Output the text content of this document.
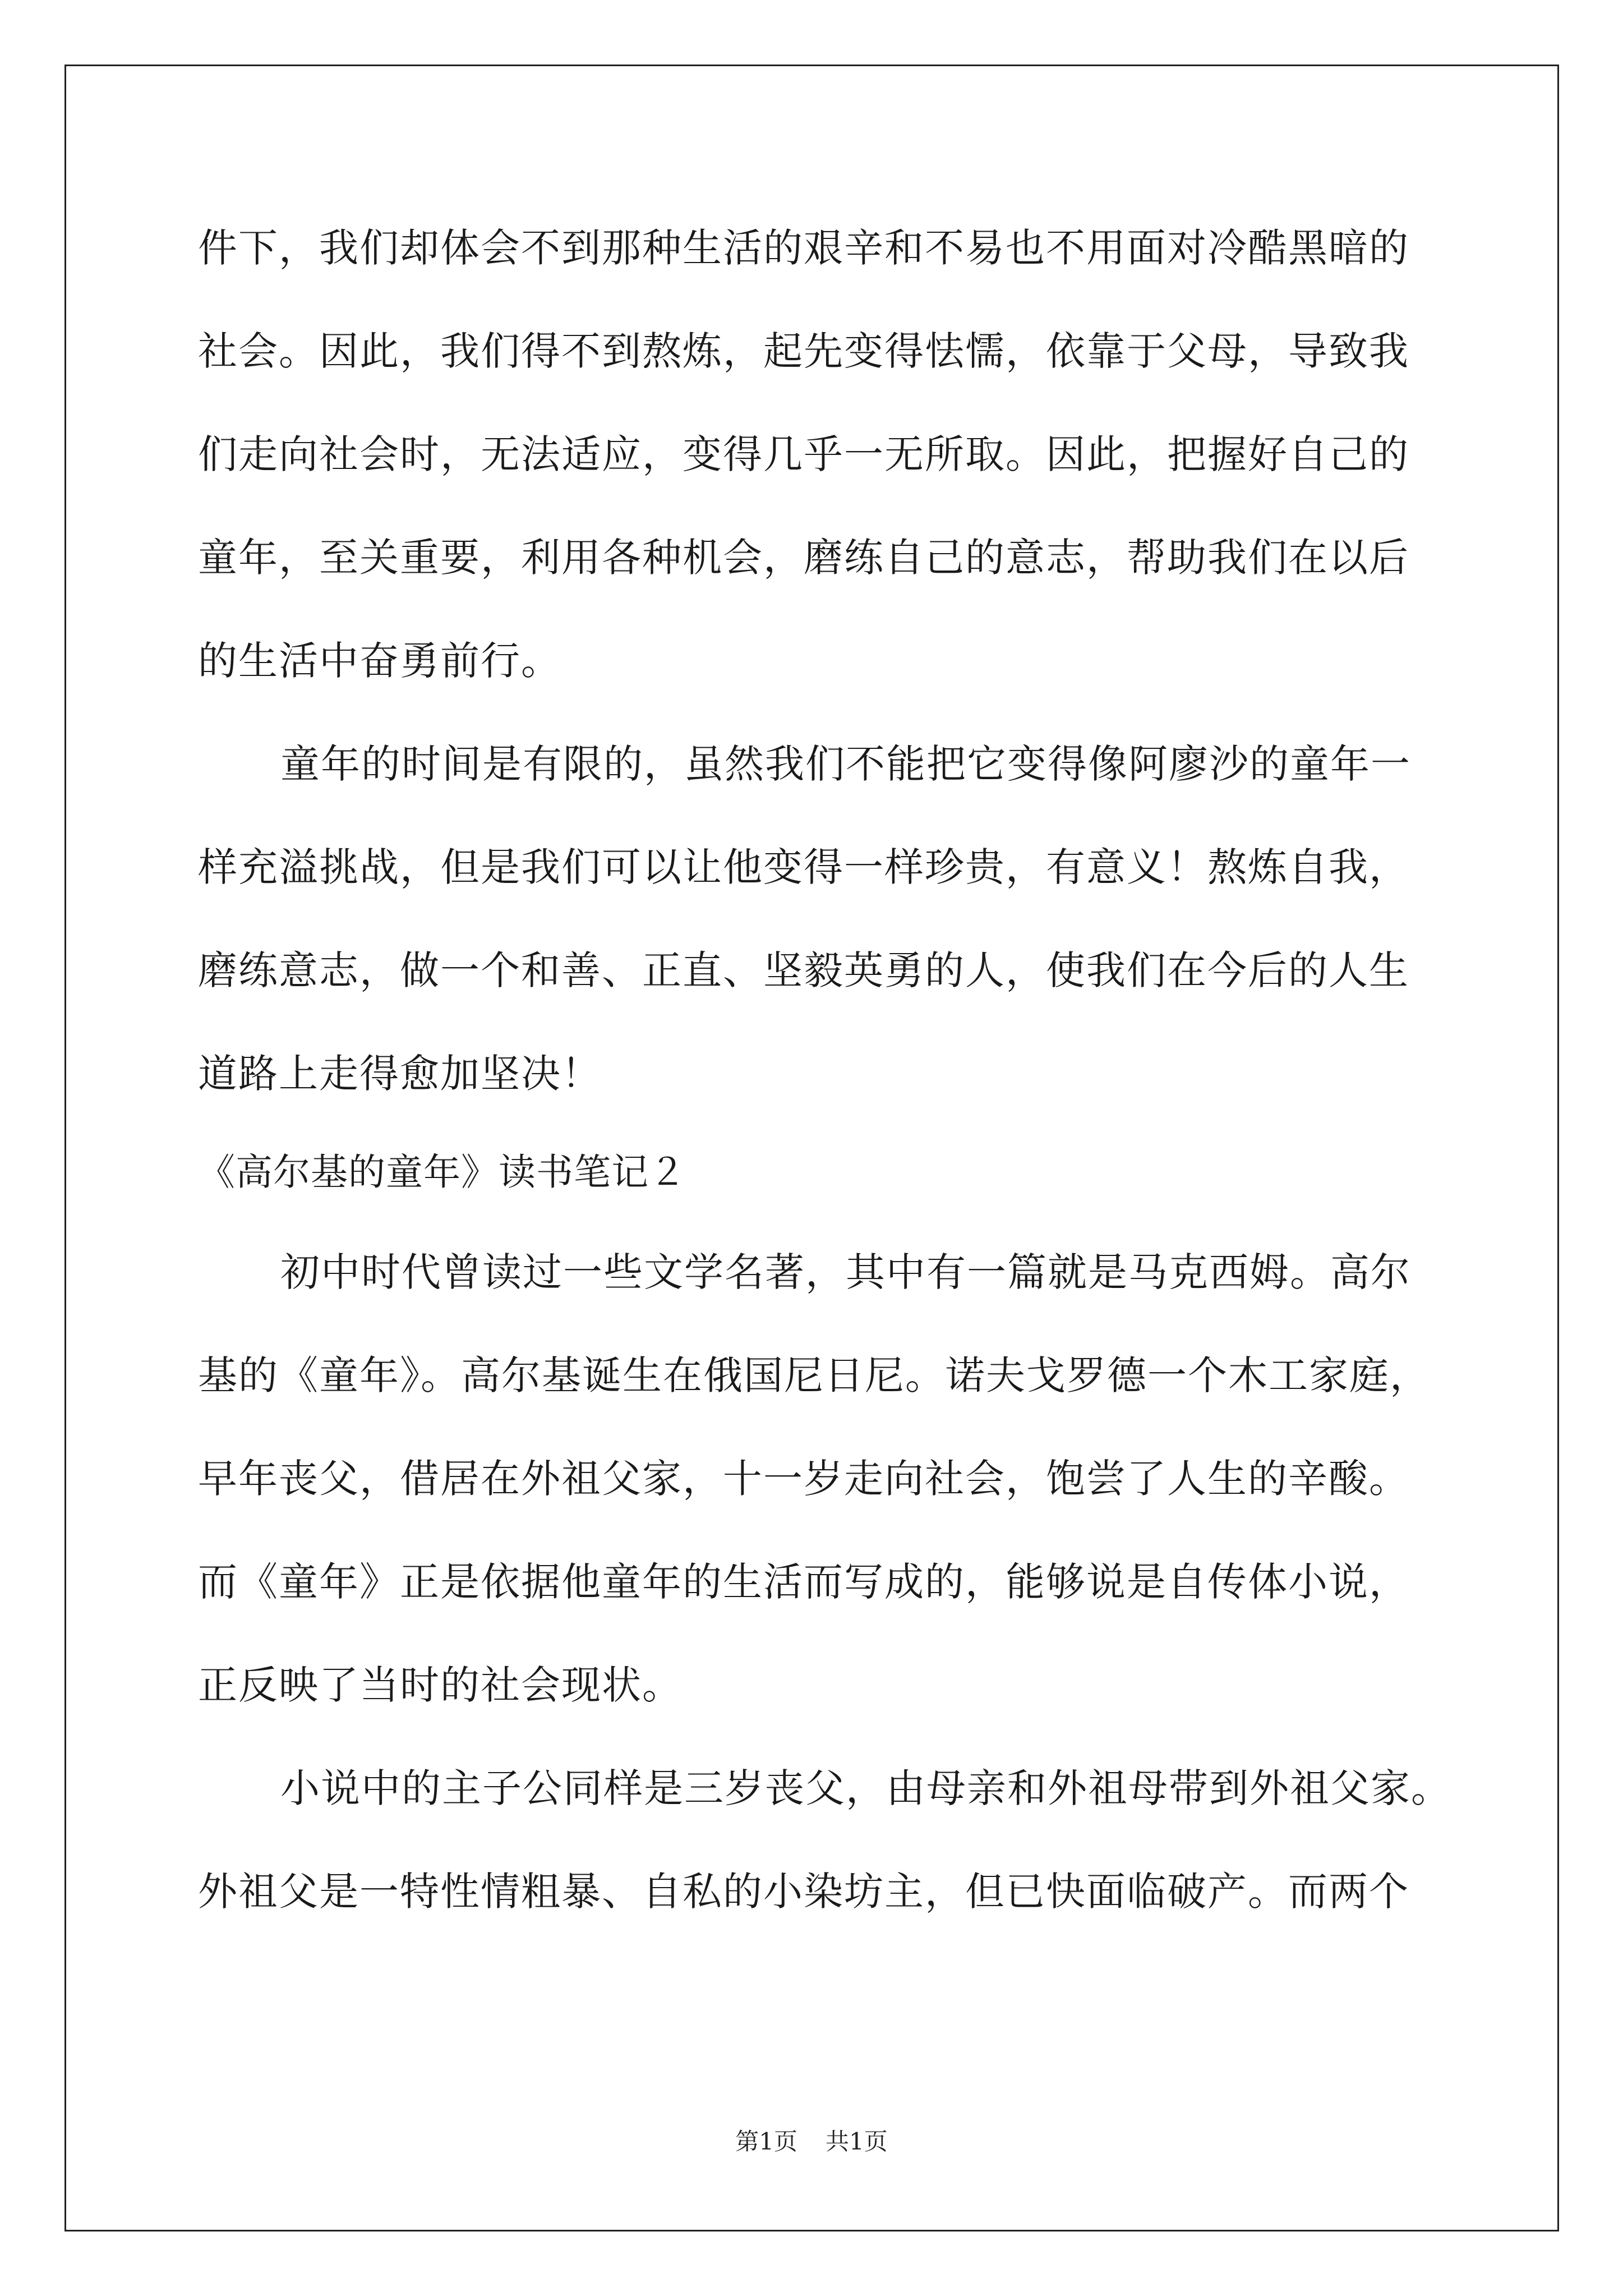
件下，我们却体会不到那种生活的艰辛和不易也不用面对冷酷黑暗的
社会。因此，我们得不到熬炼，起先变得怯懦，依靠于父母，导致我
们走向社会时，无法适应，变得几乎一无所取。因此，把握好自己的
童年，至关重要，利用各种机会，磨练自己的意志，帮助我们在以后
的生活中奋勇前行。
童年的时间是有限的，虽然我们不能把它变得像阿廖沙的童年一
样充溢挑战，但是我们可以让他变得一样珍贵，有意义！熬炼自我，
磨练意志，做一个和善、正直、坚毅英勇的人，使我们在今后的人生
道路上走得愈加坚决！
《高尔基的童年》读书笔记２
初中时代曾读过一些文学名著，其中有一篇就是马克西姆。高尔
基的《童年》。高尔基诞生在俄国尼日尼。诺夫戈罗德一个木工家庭，
早年丧父，借居在外祖父家，十一岁走向社会，饱尝了人生的辛酸。
而《童年》正是依据他童年的生活而写成的，能够说是自传体小说，
正反映了当时的社会现状。
小说中的主子公同样是三岁丧父，由母亲和外祖母带到外祖父家。
外祖父是一特性情粗暴、自私的小染坊主，但已快面临破产。而两个
第1页 共1页
